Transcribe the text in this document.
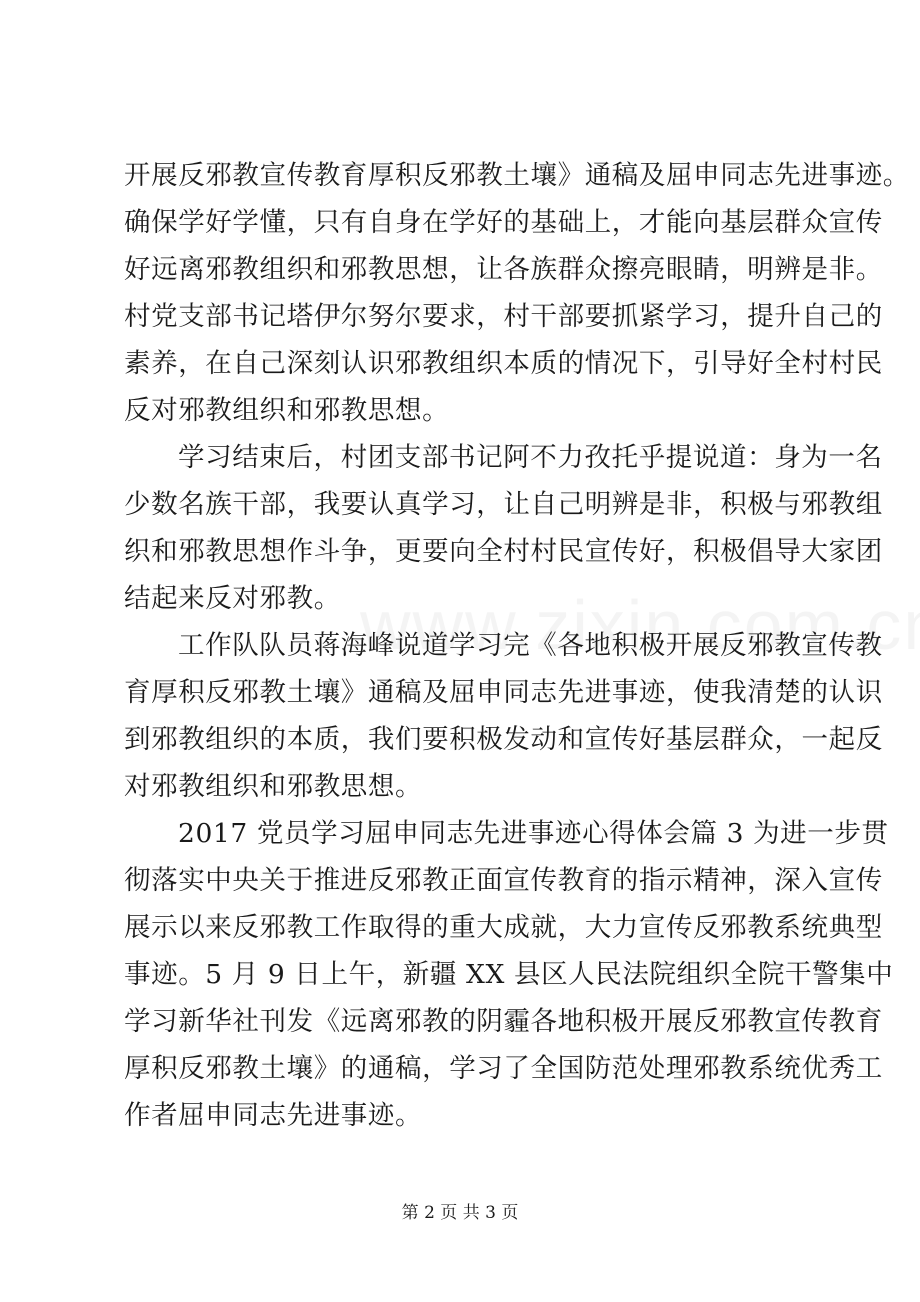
开展反邪教宣传教育厚积反邪教土壤》通稿及屈申同志先进事迹。
确保学好学懂，只有自身在学好的基础上，才能向基层群众宣传
好远离邪教组织和邪教思想，让各族群众擦亮眼睛，明辨是非。
村党支部书记塔伊尔努尔要求，村干部要抓紧学习，提升自己的
素养，在自己深刻认识邪教组织本质的情况下，引导好全村村民
反对邪教组织和邪教思想。
学习结束后，村团支部书记阿不力孜托乎提说道：身为一名
少数名族干部，我要认真学习，让自己明辨是非，积极与邪教组
织和邪教思想作斗争，更要向全村村民宣传好，积极倡导大家团
结起来反对邪教。
工作队队员蒋海峰说道学习完《各地积极开展反邪教宣传教
育厚积反邪教土壤》通稿及屈申同志先进事迹，使我清楚的认识
到邪教组织的本质，我们要积极发动和宣传好基层群众，一起反
对邪教组织和邪教思想。
2017 党员学习屈申同志先进事迹心得体会篇 3 为进一步贯
彻落实中央关于推进反邪教正面宣传教育的指示精神，深入宣传
展示以来反邪教工作取得的重大成就，大力宣传反邪教系统典型
事迹。5 月 9 日上午，新疆 XX 县区人民法院组织全院干警集中
学习新华社刊发《远离邪教的阴霾各地积极开展反邪教宣传教育
厚积反邪教土壤》的通稿，学习了全国防范处理邪教系统优秀工
作者屈申同志先进事迹。
第 2 页 共 3 页
